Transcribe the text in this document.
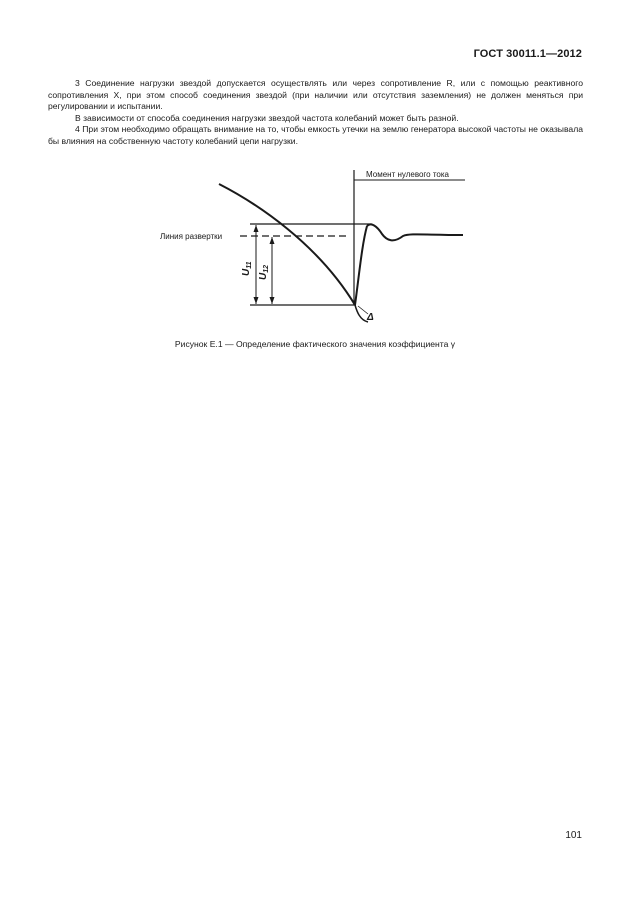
ГОСТ 30011.1—2012

3 Соединение нагрузки звездой допускается осуществлять или через сопротивление R, или с помощью реактивного сопротивления X, при этом способ соединения звездой (при наличии или отсутствия заземления) не должен меняться при регулировании и испытании.

В зависимости от способа соединения нагрузки звездой частота колебаний может быть разной.

4 При этом необходимо обращать внимание на то, чтобы емкость утечки на землю генератора высокой частоты не оказывала бы влияния на собственную частоту колебаний цепи нагрузки.

Момент нулевого тока
Линия развертки
$U_{11}$
$U_{12}$
Δ
Рисунок Е.1 — Определение фактического значения коэффициента γ
101
